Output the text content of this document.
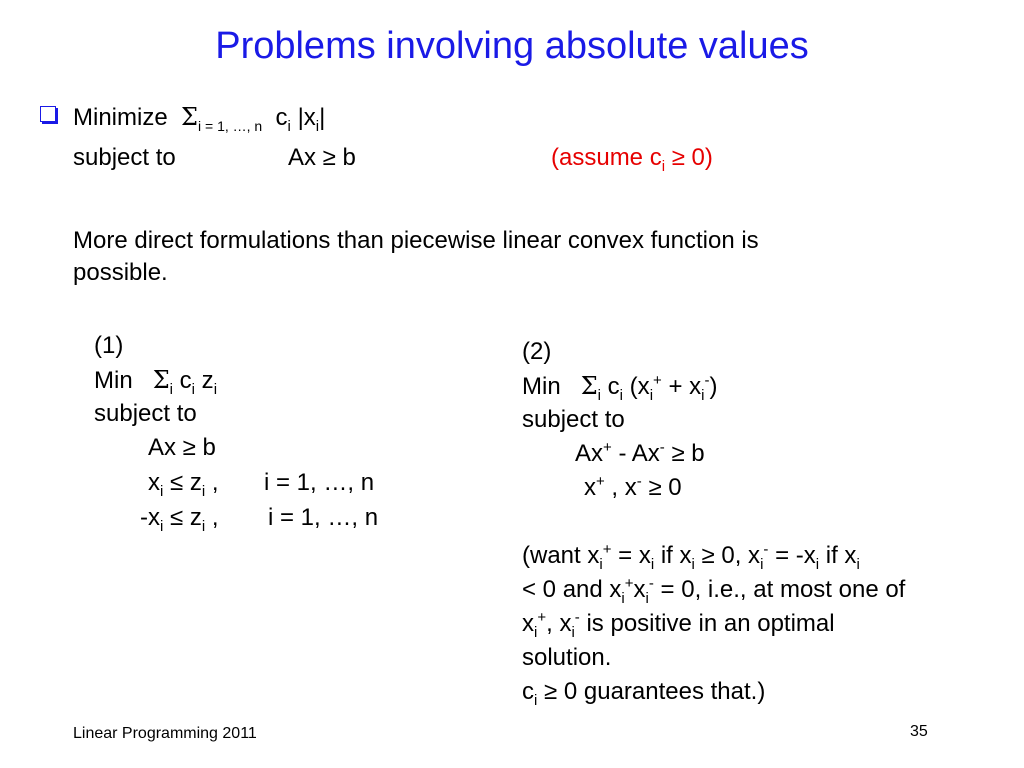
Problems involving absolute values
Minimize $\Sigma_{i = 1, \dots, n}$ $c_i$ $|x_i|$
subject to	Ax ≥ b	(assume $c_i \ge 0$)
More direct formulations than piecewise linear convex function is
possible.
(1)
Min $\Sigma_i$ $c_i$ $z_i$
subject to
Ax ≥ b
$x_i \le z_i$ , i = 1, …, n
$-x_i \le z_i$ , i = 1, …, n
(2)
Min $\Sigma_i$ $c_i$ $(x_i^+ + x_i^-)$
subject to
Ax+ - Ax- ≥ b
x+ , x- ≥ 0
(want $x_i^+ = x_i$ if $x_i \ge 0$, $x_i^- = -x_i$ if $x_i$
< 0 and $x_i^+x_i^- = 0$, i.e., at most one of
$x_i^+$, $x_i^-$ is positive in an optimal
solution.
$c_i \ge 0$ guarantees that.)
Linear Programming 2011	35
